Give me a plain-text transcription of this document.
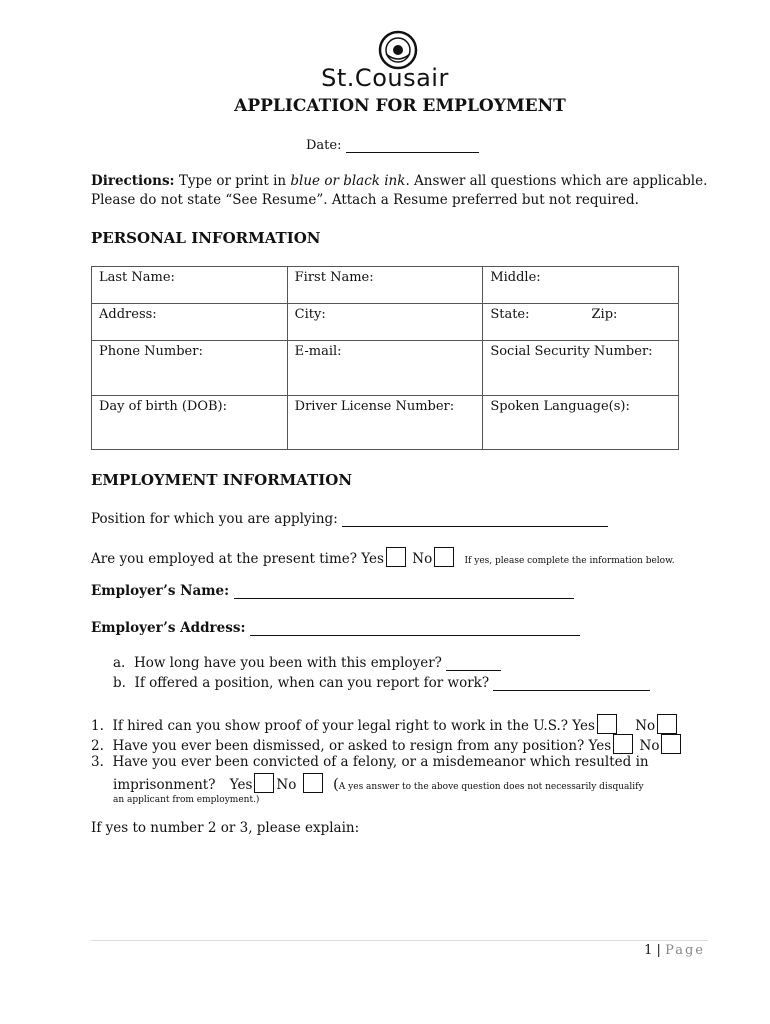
St.Cousair
APPLICATION FOR EMPLOYMENT
Date:
Directions: Type or print in blue or black ink. Answer all questions which are applicable. Please do not state “See Resume”. Attach a Resume preferred but not required.
PERSONAL INFORMATION
Last Name:	First Name:	Middle:
Address:	City:	State: Zip:
Phone Number:	E-mail:	Social Security Number:
Day of birth (DOB):	Driver License Number:	Spoken Language(s):
EMPLOYMENT INFORMATION
Position for which you are applying:
Are you employed at the present time? Yes No	If yes, please complete the information below.
Employer’s Name:
Employer’s Address:
a. How long have you been with this employer?
b. If offered a position, when can you report for work?
1. If hired can you show proof of your legal right to work in the U.S.? Yes	No
2. Have you ever been dismissed, or asked to resign from any position? Yes No
3. Have you ever been convicted of a felony, or a misdemeanor which resulted in
imprisonment? Yes No (A yes answer to the above question does not necessarily disqualify
an applicant from employment.)
If yes to number 2 or 3, please explain:
1 | Page
